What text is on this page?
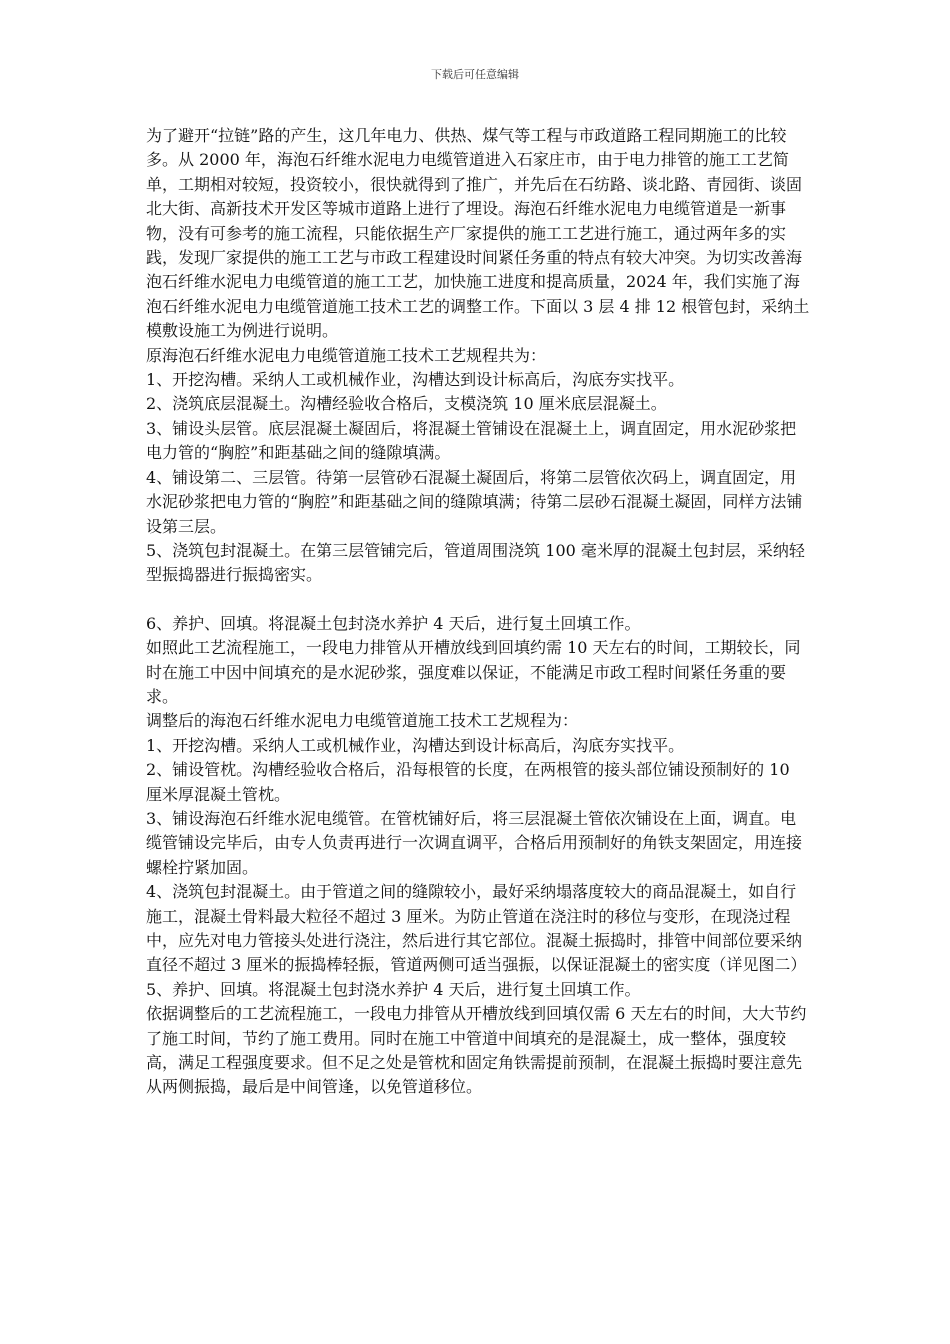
下载后可任意编辑

为了避开“拉链”路的产生，这几年电力、供热、煤气等工程与市政道路工程同期施工的比较多。从 2000 年，海泡石纤维水泥电力电缆管道进入石家庄市，由于电力排管的施工工艺简单，工期相对较短，投资较小，很快就得到了推广，并先后在石纺路、谈北路、青园街、谈固北大街、高新技术开发区等城市道路上进行了埋设。海泡石纤维水泥电力电缆管道是一新事物，没有可参考的施工流程，只能依据生产厂家提供的施工工艺进行施工，通过两年多的实践，发现厂家提供的施工工艺与市政工程建设时间紧任务重的特点有较大冲突。为切实改善海泡石纤维水泥电力电缆管道的施工工艺，加快施工进度和提高质量，2024 年，我们实施了海泡石纤维水泥电力电缆管道施工技术工艺的调整工作。下面以 3 层 4 排 12 根管包封，采纳土模敷设施工为例进行说明。

原海泡石纤维水泥电力电缆管道施工技术工艺规程共为：

1、开挖沟槽。采纳人工或机械作业，沟槽达到设计标高后，沟底夯实找平。

2、浇筑底层混凝土。沟槽经验收合格后，支模浇筑 10 厘米底层混凝土。

3、铺设头层管。底层混凝土凝固后，将混凝土管铺设在混凝土上，调直固定，用水泥砂浆把电力管的“胸腔”和距基础之间的缝隙填满。

4、铺设第二、三层管。待第一层管砂石混凝土凝固后，将第二层管依次码上，调直固定，用水泥砂浆把电力管的“胸腔”和距基础之间的缝隙填满；待第二层砂石混凝土凝固，同样方法铺设第三层。

5、浇筑包封混凝土。在第三层管铺完后，管道周围浇筑 100 毫米厚的混凝土包封层，采纳轻型振捣器进行振捣密实。

6、养护、回填。将混凝土包封浇水养护 4 天后，进行复土回填工作。

如照此工艺流程施工，一段电力排管从开槽放线到回填约需 10 天左右的时间，工期较长，同时在施工中因中间填充的是水泥砂浆，强度难以保证，不能满足市政工程时间紧任务重的要求。

调整后的海泡石纤维水泥电力电缆管道施工技术工艺规程为：

1、开挖沟槽。采纳人工或机械作业，沟槽达到设计标高后，沟底夯实找平。

2、铺设管枕。沟槽经验收合格后，沿每根管的长度，在两根管的接头部位铺设预制好的 10 厘米厚混凝土管枕。

3、铺设海泡石纤维水泥电缆管。在管枕铺好后，将三层混凝土管依次铺设在上面，调直。电缆管铺设完毕后，由专人负责再进行一次调直调平，合格后用预制好的角铁支架固定，用连接螺栓拧紧加固。

4、浇筑包封混凝土。由于管道之间的缝隙较小，最好采纳塌落度较大的商品混凝土，如自行施工，混凝土骨料最大粒径不超过 3 厘米。为防止管道在浇注时的移位与变形，在现浇过程中，应先对电力管接头处进行浇注，然后进行其它部位。混凝土振捣时，排管中间部位要采纳直径不超过 3 厘米的振捣棒轻振，管道两侧可适当强振，以保证混凝土的密实度（详见图二）

5、养护、回填。将混凝土包封浇水养护 4 天后，进行复土回填工作。

依据调整后的工艺流程施工，一段电力排管从开槽放线到回填仅需 6 天左右的时间，大大节约了施工时间，节约了施工费用。同时在施工中管道中间填充的是混凝土，成一整体，强度较高，满足工程强度要求。但不足之处是管枕和固定角铁需提前预制，在混凝土振捣时要注意先从两侧振捣，最后是中间管逢，以免管道移位。
